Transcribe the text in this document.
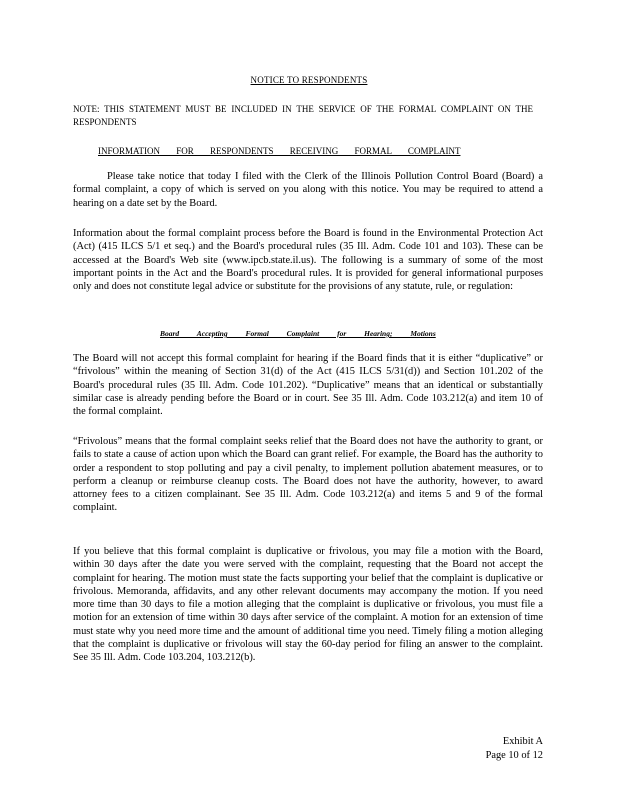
NOTICE TO RESPONDENTS
NOTE: THIS STATEMENT MUST BE INCLUDED IN THE SERVICE OF THE FORMAL COMPLAINT ON THE RESPONDENTS
INFORMATION FOR RESPONDENTS RECEIVING FORMAL COMPLAINT

Please take notice that today I filed with the Clerk of the Illinois Pollution Control Board (Board) a formal complaint, a copy of which is served on you along with this notice. You may be required to attend a hearing on a date set by the Board.

Information about the formal complaint process before the Board is found in the Environmental Protection Act (Act) (415 ILCS 5/1 et seq.) and the Board's procedural rules (35 Ill. Adm. Code 101 and 103). These can be accessed at the Board's Web site (www.ipcb.state.il.us). The following is a summary of some of the most important points in the Act and the Board's procedural rules. It is provided for general informational purposes only and does not constitute legal advice or substitute for the provisions of any statute, rule, or regulation:

Board Accepting Formal Complaint for Hearing; Motions

The Board will not accept this formal complaint for hearing if the Board finds that it is either “duplicative” or “frivolous” within the meaning of Section 31(d) of the Act (415 ILCS 5/31(d)) and Section 101.202 of the Board's procedural rules (35 Ill. Adm. Code 101.202). “Duplicative” means that an identical or substantially similar case is already pending before the Board or in court. See 35 Ill. Adm. Code 103.212(a) and item 10 of the formal complaint.

“Frivolous” means that the formal complaint seeks relief that the Board does not have the authority to grant, or fails to state a cause of action upon which the Board can grant relief. For example, the Board has the authority to order a respondent to stop polluting and pay a civil penalty, to implement pollution abatement measures, or to perform a cleanup or reimburse cleanup costs. The Board does not have the authority, however, to award attorney fees to a citizen complainant. See 35 Ill. Adm. Code 103.212(a) and items 5 and 9 of the formal complaint.

If you believe that this formal complaint is duplicative or frivolous, you may file a motion with the Board, within 30 days after the date you were served with the complaint, requesting that the Board not accept the complaint for hearing. The motion must state the facts supporting your belief that the complaint is duplicative or frivolous. Memoranda, affidavits, and any other relevant documents may accompany the motion. If you need more time than 30 days to file a motion alleging that the complaint is duplicative or frivolous, you must file a motion for an extension of time within 30 days after service of the complaint. A motion for an extension of time must state why you need more time and the amount of additional time you need. Timely filing a motion alleging that the complaint is duplicative or frivolous will stay the 60-day period for filing an answer to the complaint. See 35 Ill. Adm. Code 103.204, 103.212(b).

Exhibit A
Page 10 of 12
